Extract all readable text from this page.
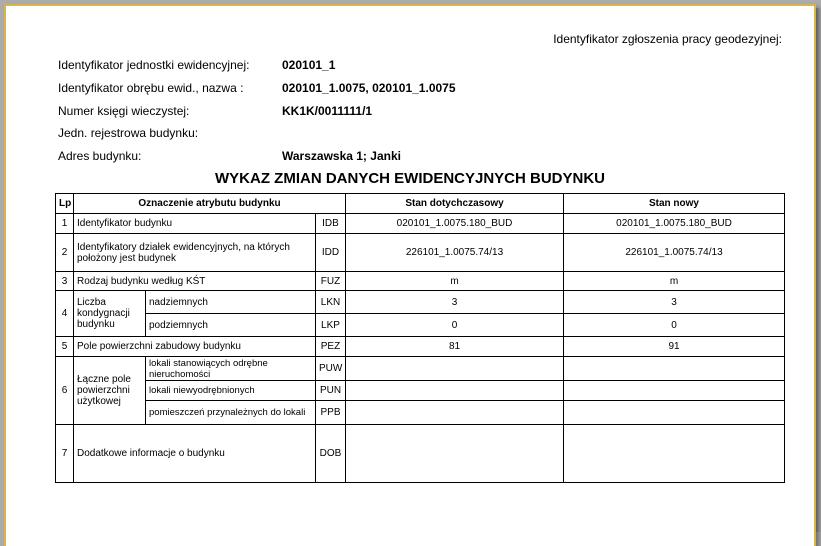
Identyfikator zgłoszenia pracy geodezyjnej:
Identyfikator jednostki ewidencyjnej:	020101_1
Identyfikator obrębu ewid., nazwa :	020101_1.0075, 020101_1.0075
Numer księgi wieczystej:	KK1K/0011111/1
Jedn. rejestrowa budynku:
Adres budynku:	Warszawska 1; Janki
WYKAZ ZMIAN DANYCH EWIDENCYJNYCH BUDYNKU
Lp	Oznaczenie atrybutu budynku			Stan dotychczasowy	Stan nowy
1	Identyfikator budynku		IDB	020101_1.0075.180_BUD	020101_1.0075.180_BUD
2	Identyfikatory działek ewidencyjnych, na których położony jest budynek		IDD	226101_1.0075.74/13	226101_1.0075.74/13
3	Rodzaj budynku według KŚT		FUZ	m	m
4	Liczba kondygnacji budynku	nadziemnych	LKN	3	3
		podziemnych	LKP	0	0
5	Pole powierzchni zabudowy budynku		PEZ	81	91
6	Łączne pole powierzchni użytkowej	lokali stanowiących odrębne nieruchomości	PUW		
		lokali niewyodrębnionych	PUN		
		pomieszczeń przynależnych do lokali	PPB		
7	Dodatkowe informacje o budynku		DOB		
